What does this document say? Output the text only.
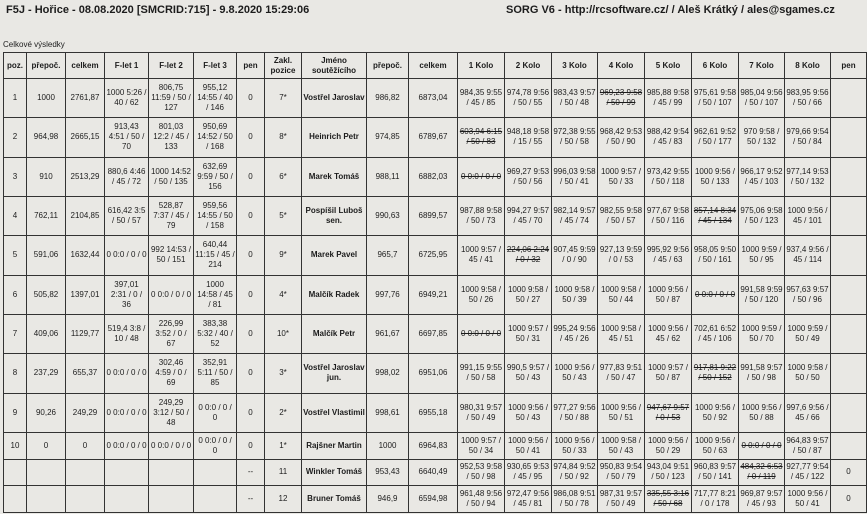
F5J - Hořice - 08.08.2020 [SMCRID:715] - 9.8.2020 15:29:06	SORG V6 - http://rcsoftware.cz/ / Aleš Krátký / ales@sgames.cz
Celkové výsledky
poz.	přepoč.	celkem	F-let 1	F-let 2	F-let 3	pen	Zakl. pozice	Jméno soutěžícího	přepoč.	celkem	1 Kolo	2 Kolo	3 Kolo	4 Kolo	5 Kolo	6 Kolo	7 Kolo	8 Kolo	pen
1	1000	2761,87	1000 5:26 / 40 / 62	806,75 11:59 / 50 / 127	955,12 14:55 / 40 / 146	0	7*	Vostřel Jaroslav	986,82	6873,04	984,35 9:55 / 45 / 85	974,78 9:56 / 50 / 55	983,43 9:57 / 50 / 48	969,23 9:58 / 50 / 99	985,88 9:58 / 45 / 99	975,61 9:58 / 50 / 107	985,04 9:56 / 50 / 107	983,95 9:56 / 50 / 66	
2	964,98	2665,15	913,43 4:51 / 50 / 70	801,03 12:2 / 45 / 133	950,69 14:52 / 50 / 168	0	8*	Heinrich Petr	974,85	6789,67	603,94 6:15 / 50 / 83	948,18 9:58 / 15 / 55	972,38 9:55 / 50 / 58	968,42 9:53 / 50 / 90	988,42 9:54 / 45 / 83	962,61 9:52 / 50 / 177	970 9:58 / 50 / 132	979,66 9:54 / 50 / 84	
3	910	2513,29	880,6 4:46 / 45 / 72	1000 14:52 / 50 / 135	632,69 9:59 / 50 / 156	0	6*	Marek Tomáš	988,11	6882,03	0 0:0 / 0 / 0	969,27 9:53 / 50 / 56	996,03 9:58 / 50 / 41	1000 9:57 / 50 / 33	973,42 9:55 / 50 / 118	1000 9:56 / 50 / 133	966,17 9:52 / 45 / 103	977,14 9:53 / 50 / 132	
4	762,11	2104,85	616,42 3:5 / 50 / 57	528,87 7:37 / 45 / 79	959,56 14:55 / 50 / 158	0	5*	Pospíšil Luboš sen.	990,63	6899,57	987,88 9:58 / 50 / 73	994,27 9:57 / 45 / 70	982,14 9:57 / 45 / 74	982,55 9:58 / 50 / 57	977,67 9:58 / 50 / 116	857,14 8:34 / 45 / 134	975,06 9:58 / 50 / 123	1000 9:56 / 45 / 101	
5	591,06	1632,44	0 0:0 / 0 / 0	992 14:53 / 50 / 151	640,44 11:15 / 45 / 214	0	9*	Marek Pavel	965,7	6725,95	1000 9:57 / 45 / 41	224,06 2:24 / 0 / 32	907,45 9:59 / 0 / 90	927,13 9:59 / 0 / 53	995,92 9:56 / 45 / 63	958,05 9:50 / 50 / 161	1000 9:59 / 50 / 95	937,4 9:56 / 45 / 114	
6	505,82	1397,01	397,01 2:31 / 0 / 36	0 0:0 / 0 / 0	1000 14:58 / 45 / 81	0	4*	Malčík Radek	997,76	6949,21	1000 9:58 / 50 / 26	1000 9:58 / 50 / 27	1000 9:58 / 50 / 39	1000 9:58 / 50 / 44	1000 9:56 / 50 / 87	0 0:0 / 0 / 0	991,58 9:59 / 50 / 120	957,63 9:57 / 50 / 96	
7	409,06	1129,77	519,4 3:8 / 10 / 48	226,99 3:52 / 0 / 67	383,38 5:32 / 40 / 52	0	10*	Malčík Petr	961,67	6697,85	0 0:0 / 0 / 0	1000 9:57 / 50 / 31	995,24 9:56 / 45 / 26	1000 9:58 / 45 / 51	1000 9:56 / 45 / 62	702,61 6:52 / 45 / 106	1000 9:59 / 50 / 70	1000 9:59 / 50 / 49	
8	237,29	655,37	0 0:0 / 0 / 0	302,46 4:59 / 0 / 69	352,91 5:11 / 50 / 85	0	3*	Vostřel Jaroslav jun.	998,02	6951,06	991,15 9:55 / 50 / 58	990,5 9:57 / 50 / 43	1000 9:56 / 50 / 43	977,83 9:51 / 50 / 47	1000 9:57 / 50 / 87	917,81 9:22 / 50 / 152	991,58 9:57 / 50 / 98	1000 9:58 / 50 / 50	
9	90,26	249,29	0 0:0 / 0 / 0	249,29 3:12 / 50 / 48	0 0:0 / 0 / 0	0	2*	Vostřel Vlastimil	998,61	6955,18	980,31 9:57 / 50 / 49	1000 9:56 / 50 / 43	977,27 9:56 / 50 / 88	1000 9:56 / 50 / 51	947,67 9:57 / 0 / 53	1000 9:56 / 50 / 92	1000 9:56 / 50 / 88	997,6 9:56 / 45 / 66	
10	0	0	0 0:0 / 0 / 0	0 0:0 / 0 / 0	0 0:0 / 0 / 0	0	1*	Rajšner Martin	1000	6964,83	1000 9:57 / 50 / 34	1000 9:56 / 50 / 41	1000 9:56 / 50 / 33	1000 9:58 / 50 / 43	1000 9:56 / 50 / 29	1000 9:56 / 50 / 63	0 0:0 / 0 / 0	964,83 9:57 / 50 / 87	
						--	11	Winkler Tomáš	953,43	6640,49	952,53 9:58 / 50 / 98	930,65 9:53 / 45 / 95	974,84 9:52 / 50 / 92	950,83 9:54 / 50 / 79	943,04 9:51 / 50 / 123	960,83 9:57 / 50 / 141	484,32 6:53 / 0 / 119	927,77 9:54 / 45 / 122	0
						--	12	Bruner Tomáš	946,9	6594,98	961,48 9:56 / 50 / 94	972,47 9:56 / 45 / 81	986,08 9:51 / 50 / 78	987,31 9:57 / 50 / 49	335,55 3:16 / 50 / 68	717,77 8:21 / 0 / 178	969,87 9:57 / 45 / 93	1000 9:56 / 50 / 41	0
